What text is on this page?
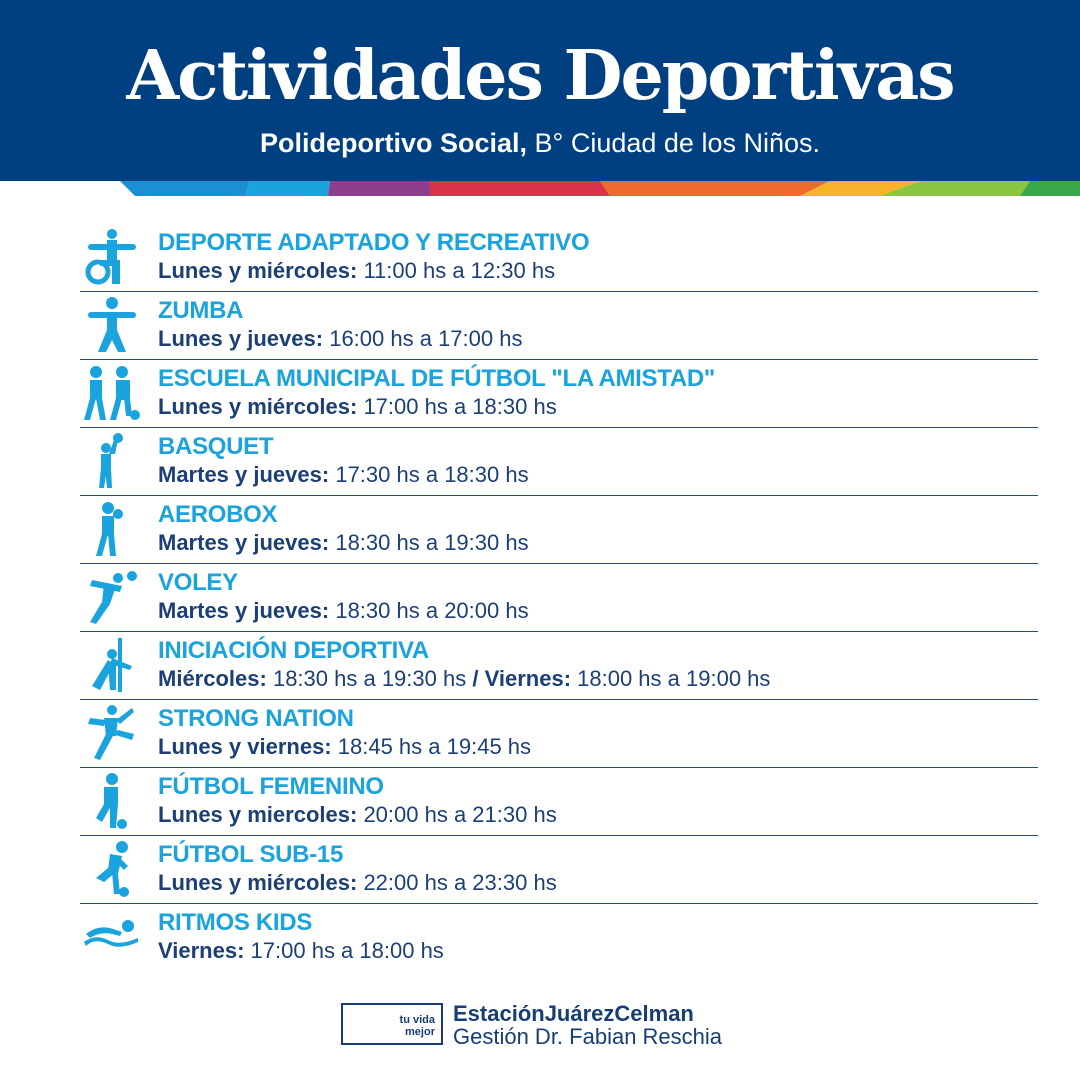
Actividades Deportivas
Polideportivo Social, B° Ciudad de los Niños.
DEPORTE ADAPTADO Y RECREATIVO
Lunes y miércoles: 11:00 hs a 12:30 hs
ZUMBA
Lunes y jueves: 16:00 hs a 17:00 hs
ESCUELA MUNICIPAL DE FÚTBOL "LA AMISTAD"
Lunes y miércoles: 17:00 hs a 18:30 hs
BASQUET
Martes y jueves: 17:30 hs a 18:30 hs
AEROBOX
Martes y jueves: 18:30 hs a 19:30 hs
VOLEY
Martes y jueves: 18:30 hs a 20:00 hs
INICIACIÓN DEPORTIVA
Miércoles: 18:30 hs a 19:30 hs / Viernes: 18:00 hs a 19:00 hs
STRONG NATION
Lunes y viernes: 18:45 hs a 19:45 hs
FÚTBOL FEMENINO
Lunes y miercoles: 20:00 hs a 21:30 hs
FÚTBOL SUB-15
Lunes y miércoles: 22:00 hs a 23:30 hs
RITMOS KIDS
Viernes: 17:00 hs a 18:00 hs
tu vida
mejor
EstaciónJuárezCelman
Gestión Dr. Fabian Reschia
